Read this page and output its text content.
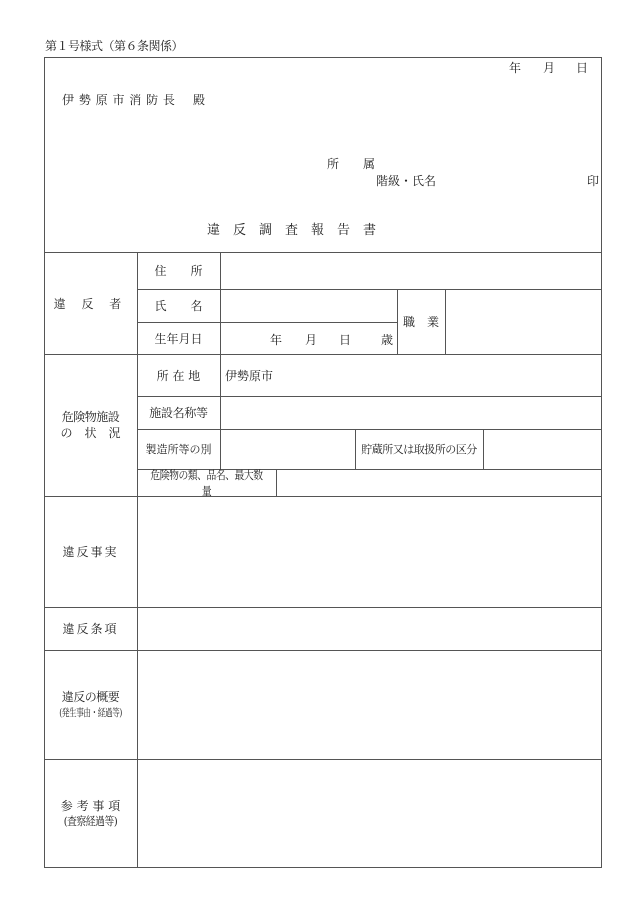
第１号様式（第６条関係）
年 月 日
伊 勢 原 市 消 防 長 殿
所　　属
階級・氏名	印
違　反　調　査　報　告　書
違 反 者
住　　所
氏　　名
生年月日	年 月 日 歳
職　業
危険物施設
の　状　況
所 在 地	伊勢原市
施設名称等
製造所等の別	貯蔵所又は取扱所の区分
危険物の類、品名、最大数量
違反事実
違反条項
違反の概要
(発生事由・経過等)
参 考 事 項
(査察経過等)
